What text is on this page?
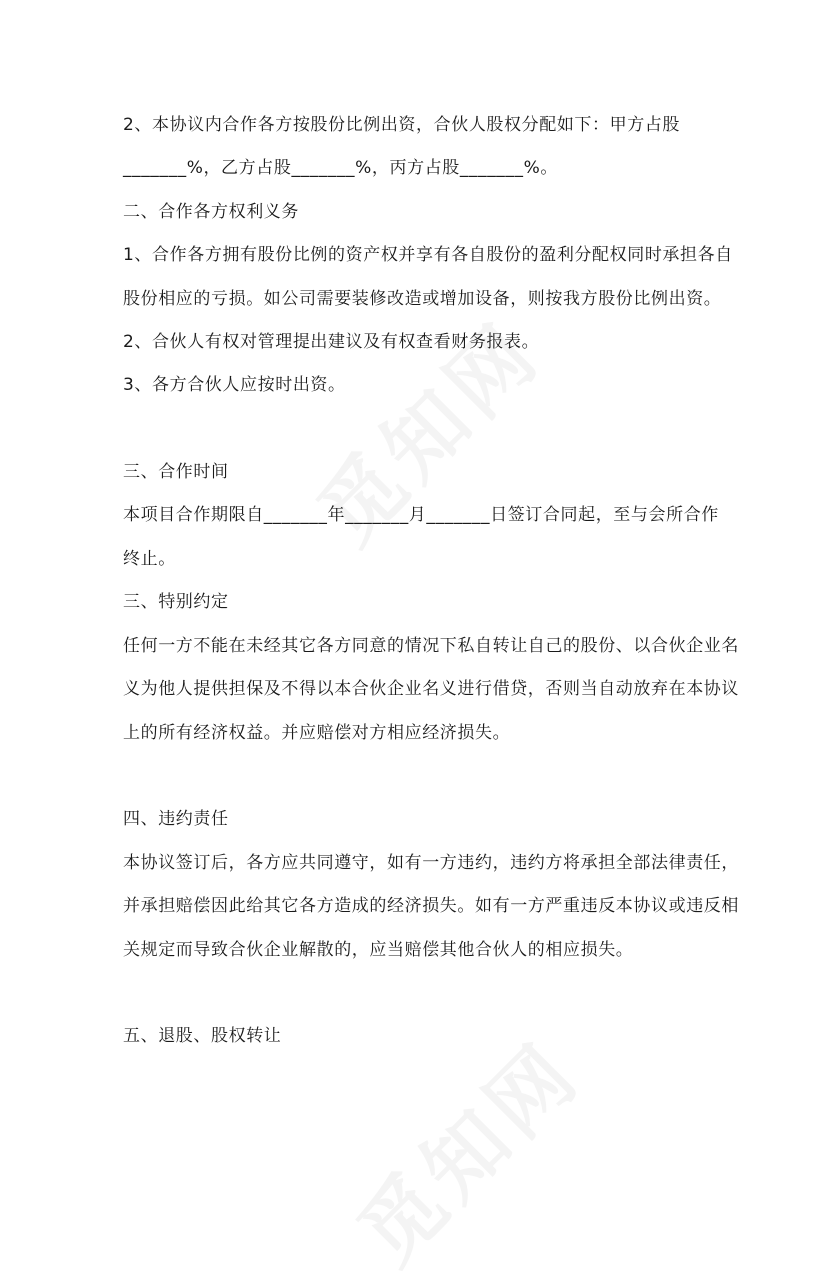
2、本协议内合作各方按股份比例出资，合伙人股权分配如下：甲方占股
_______%，乙方占股_______%，丙方占股_______%。
二、合作各方权利义务
1、合作各方拥有股份比例的资产权并享有各自股份的盈利分配权同时承担各自
股份相应的亏损。如公司需要装修改造或增加设备，则按我方股份比例出资。
2、合伙人有权对管理提出建议及有权查看财务报表。
3、各方合伙人应按时出资。
三、合作时间
本项目合作期限自_______年_______月_______日签订合同起，至与会所合作
终止。
三、特别约定
任何一方不能在未经其它各方同意的情况下私自转让自己的股份、以合伙企业名
义为他人提供担保及不得以本合伙企业名义进行借贷，否则当自动放弃在本协议
上的所有经济权益。并应赔偿对方相应经济损失。
四、违约责任
本协议签订后，各方应共同遵守，如有一方违约，违约方将承担全部法律责任，
并承担赔偿因此给其它各方造成的经济损失。如有一方严重违反本协议或违反相
关规定而导致合伙企业解散的，应当赔偿其他合伙人的相应损失。
五、退股、股权转让
